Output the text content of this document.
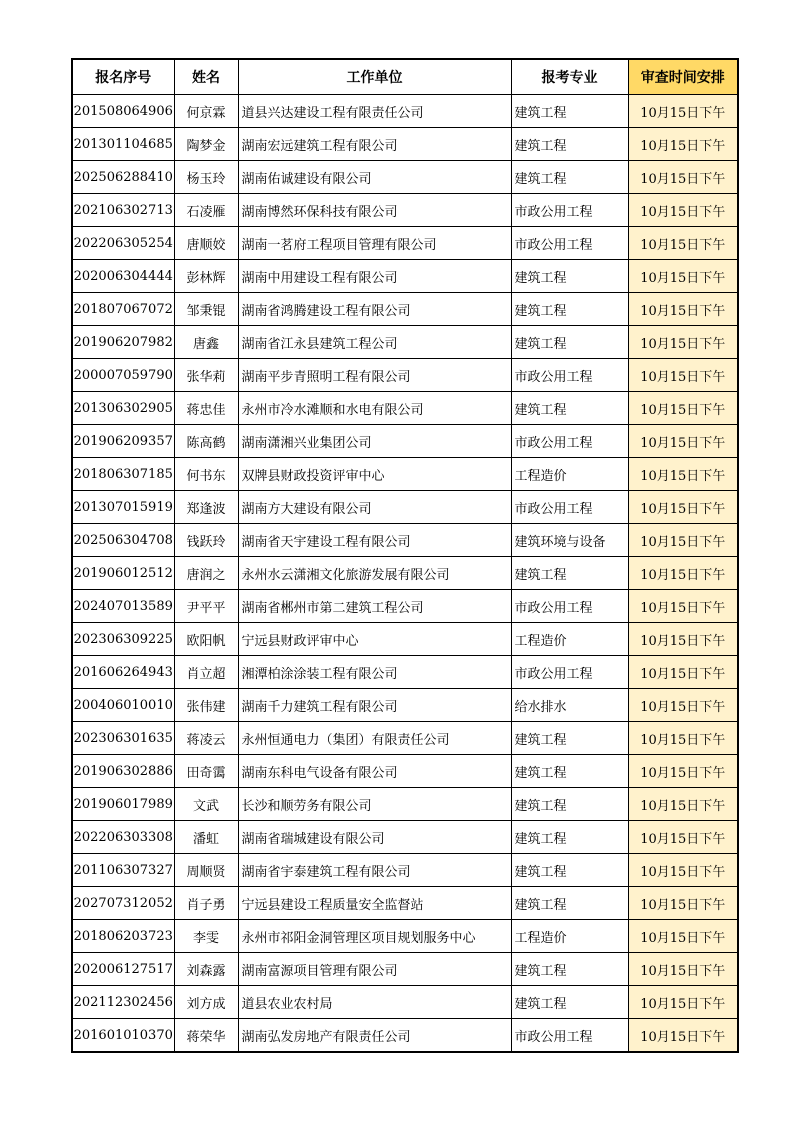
报名序号	姓名	工作单位	报考专业	审查时间安排
201508064906	何京霖	道县兴达建设工程有限责任公司	建筑工程	10月15日下午
201301104685	陶梦金	湖南宏远建筑工程有限公司	建筑工程	10月15日下午
202506288410	杨玉玲	湖南佑诚建设有限公司	建筑工程	10月15日下午
202106302713	石凌雁	湖南博然环保科技有限公司	市政公用工程	10月15日下午
202206305254	唐顺姣	湖南一茗府工程项目管理有限公司	市政公用工程	10月15日下午
202006304444	彭林辉	湖南中用建设工程有限公司	建筑工程	10月15日下午
201807067072	邹秉锟	湖南省鸿腾建设工程有限公司	建筑工程	10月15日下午
201906207982	唐鑫	湖南省江永县建筑工程公司	建筑工程	10月15日下午
200007059790	张华莉	湖南平步青照明工程有限公司	市政公用工程	10月15日下午
201306302905	蒋忠佳	永州市冷水滩顺和水电有限公司	建筑工程	10月15日下午
201906209357	陈高鹤	湖南潇湘兴业集团公司	市政公用工程	10月15日下午
201806307185	何书东	双牌县财政投资评审中心	工程造价	10月15日下午
201307015919	郑逢波	湖南方大建设有限公司	市政公用工程	10月15日下午
202506304708	钱跃玲	湖南省天宇建设工程有限公司	建筑环境与设备	10月15日下午
201906012512	唐润之	永州水云潇湘文化旅游发展有限公司	建筑工程	10月15日下午
202407013589	尹平平	湖南省郴州市第二建筑工程公司	市政公用工程	10月15日下午
202306309225	欧阳帆	宁远县财政评审中心	工程造价	10月15日下午
201606264943	肖立超	湘潭柏涂涂装工程有限公司	市政公用工程	10月15日下午
200406010010	张伟建	湖南千力建筑工程有限公司	给水排水	10月15日下午
202306301635	蒋凌云	永州恒通电力（集团）有限责任公司	建筑工程	10月15日下午
201906302886	田奇霭	湖南东科电气设备有限公司	建筑工程	10月15日下午
201906017989	文武	长沙和顺劳务有限公司	建筑工程	10月15日下午
202206303308	潘虹	湖南省瑞城建设有限公司	建筑工程	10月15日下午
201106307327	周顺贤	湖南省宇泰建筑工程有限公司	建筑工程	10月15日下午
202707312052	肖子勇	宁远县建设工程质量安全监督站	建筑工程	10月15日下午
201806203723	李雯	永州市祁阳金洞管理区项目规划服务中心	工程造价	10月15日下午
202006127517	刘森露	湖南富源项目管理有限公司	建筑工程	10月15日下午
202112302456	刘方成	道县农业农村局	建筑工程	10月15日下午
201601010370	蒋荣华	湖南弘发房地产有限责任公司	市政公用工程	10月15日下午
